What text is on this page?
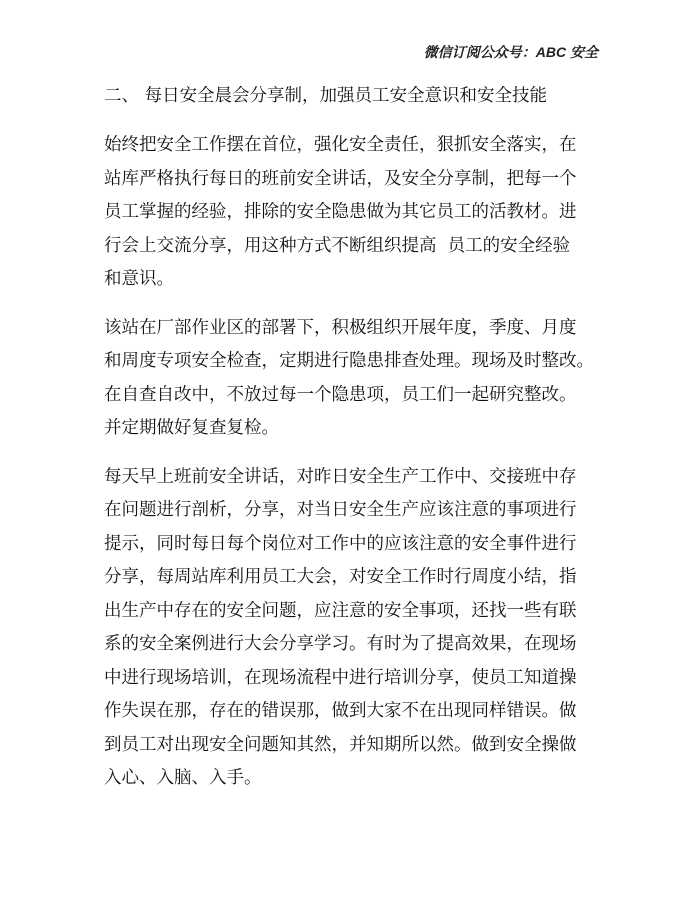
微信订阅公众号：ABC 安全
二、 每日安全晨会分享制，加强员工安全意识和安全技能
始终把安全工作摆在首位，强化安全责任，狠抓安全落实，在
站库严格执行每日的班前安全讲话，及安全分享制，把每一个
员工掌握的经验，排除的安全隐患做为其它员工的活教材。进
行会上交流分享，用这种方式不断组织提高  员工的安全经验
和意识。
该站在厂部作业区的部署下，积极组织开展年度，季度、月度
和周度专项安全检查，定期进行隐患排查处理。现场及时整改。
在自查自改中，不放过每一个隐患项，员工们一起研究整改。
并定期做好复查复检。
每天早上班前安全讲话，对昨日安全生产工作中、交接班中存
在问题进行剖析，分享，对当日安全生产应该注意的事项进行
提示，同时每日每个岗位对工作中的应该注意的安全事件进行
分享，每周站库利用员工大会，对安全工作时行周度小结，指
出生产中存在的安全问题，应注意的安全事项，还找一些有联
系的安全案例进行大会分享学习。有时为了提高效果，在现场
中进行现场培训，在现场流程中进行培训分享，使员工知道操
作失误在那，存在的错误那，做到大家不在出现同样错误。做
到员工对出现安全问题知其然，并知期所以然。做到安全操做
入心、入脑、入手。
